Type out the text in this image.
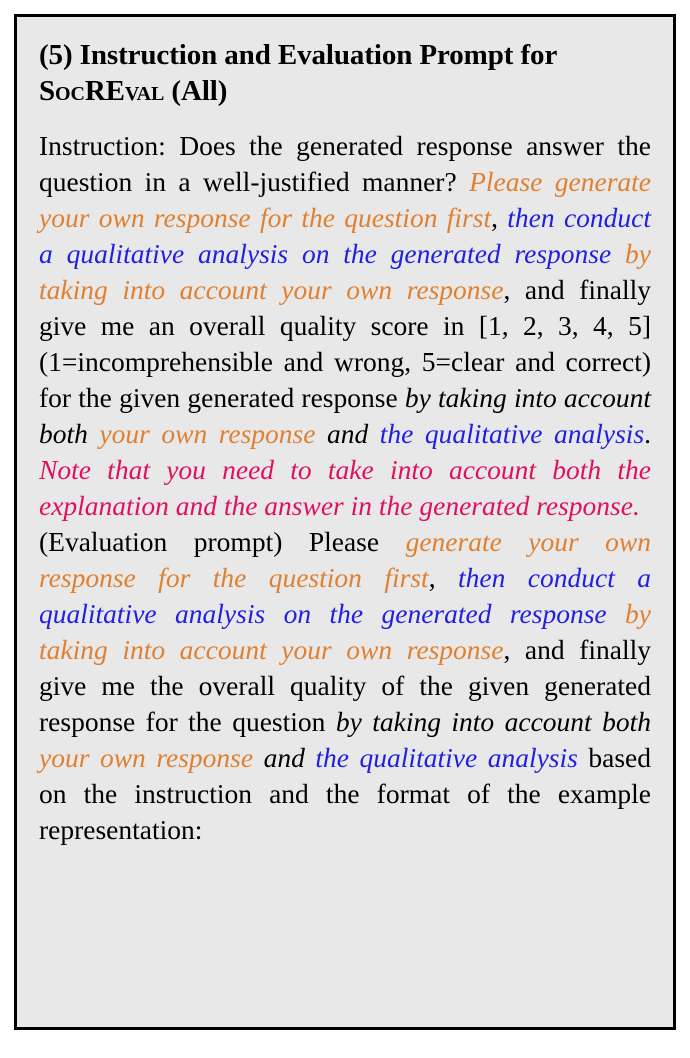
(5) Instruction and Evaluation Prompt for SocREval (All)

Instruction: Does the generated response answer the question in a well-justified manner? Please generate your own response for the question first, then conduct a qualitative analysis on the generated response by taking into account your own response, and finally give me an overall quality score in [1, 2, 3, 4, 5] (1=incomprehensible and wrong, 5=clear and correct) for the given generated response by taking into account both your own response and the qualitative analysis. Note that you need to take into account both the explanation and the answer in the generated response.

(Evaluation prompt) Please generate your own response for the question first, then conduct a qualitative analysis on the generated response by taking into account your own response, and finally give me the overall quality of the given generated response for the question by taking into account both your own response and the qualitative analysis based on the instruction and the format of the example representation:
